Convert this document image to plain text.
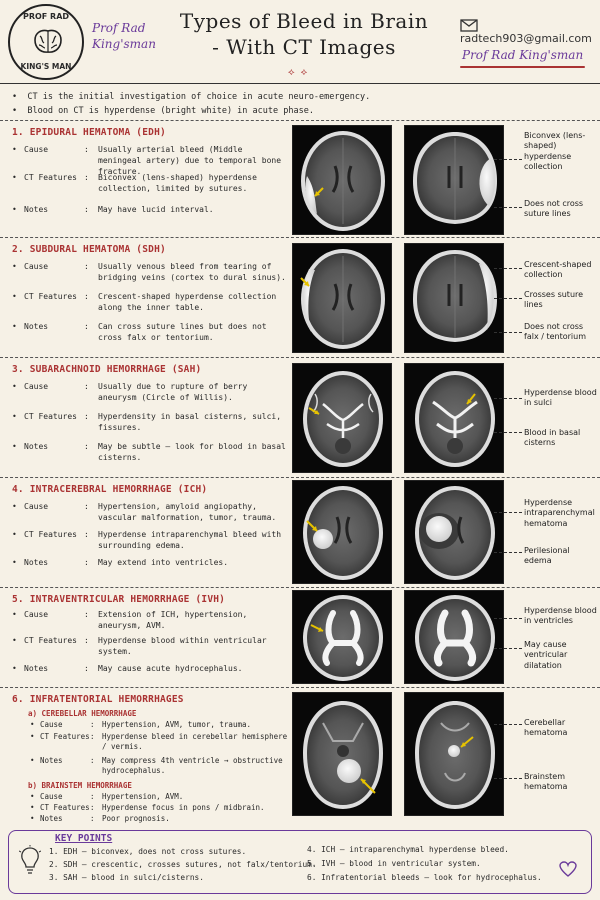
PROF RAD
KING'S MAN
Prof Rad
King'sman
Types of Bleed in Brain
- With CT Images
⟡ ⟡
radtech903@gmail.com
Prof Rad King'sman
•  CT is the initial investigation of choice in acute neuro-emergency.
•  Blood on CT is hyperdense (bright white) in acute phase.
1. EPIDURAL HEMATOMA (EDH)
• Cause	: Usually arterial bleed (Middle meningeal artery) due to temporal bone fracture.
• CT Features : Biconvex (lens-shaped) hyperdense collection, limited by sutures.
• Notes	: May have lucid interval.
Biconvex (lens-shaped) hyperdense collection
Does not cross suture lines
2. SUBDURAL HEMATOMA (SDH)
• Cause	: Usually venous bleed from tearing of bridging veins (cortex to dural sinus).
• CT Features : Crescent-shaped hyperdense collection along the inner table.
• Notes	: Can cross suture lines but does not cross falx or tentorium.
Crescent-shaped collection
Crosses suture lines
Does not cross falx / tentorium
3. SUBARACHNOID HEMORRHAGE (SAH)
• Cause	: Usually due to rupture of berry aneurysm (Circle of Willis).
• CT Features : Hyperdensity in basal cisterns, sulci, fissures.
• Notes	: May be subtle – look for blood in basal cisterns.
Hyperdense blood in sulci
Blood in basal cisterns
4. INTRACEREBRAL HEMORRHAGE (ICH)
• Cause	: Hypertension, amyloid angiopathy, vascular malformation, tumor, trauma.
• CT Features : Hyperdense intraparenchymal bleed with surrounding edema.
• Notes	: May extend into ventricles.
Hyperdense intraparenchymal hematoma
Perilesional edema
5. INTRAVENTRICULAR HEMORRHAGE (IVH)
• Cause	: Extension of ICH, hypertension, aneurysm, AVM.
• CT Features : Hyperdense blood within ventricular system.
• Notes	: May cause acute hydrocephalus.
Hyperdense blood in ventricles
May cause ventricular dilatation
6. INFRATENTORIAL HEMORRHAGES
a) CEREBELLAR HEMORRHAGE
• Cause	: Hypertension, AVM, tumor, trauma.
• CT Features : Hyperdense bleed in cerebellar hemisphere / vermis.
• Notes	: May compress 4th ventricle → obstructive hydrocephalus.
b) BRAINSTEM HEMORRHAGE
• Cause	: Hypertension, AVM.
• CT Features : Hyperdense focus in pons / midbrain.
• Notes	: Poor prognosis.
Cerebellar hematoma
Brainstem hematoma
KEY POINTS
1. EDH – biconvex, does not cross sutures.
2. SDH – crescentic, crosses sutures, not falx/tentorium.
3. SAH – blood in sulci/cisterns.
4. ICH – intraparenchymal hyperdense bleed.
5. IVH – blood in ventricular system.
6. Infratentorial bleeds – look for hydrocephalus.
